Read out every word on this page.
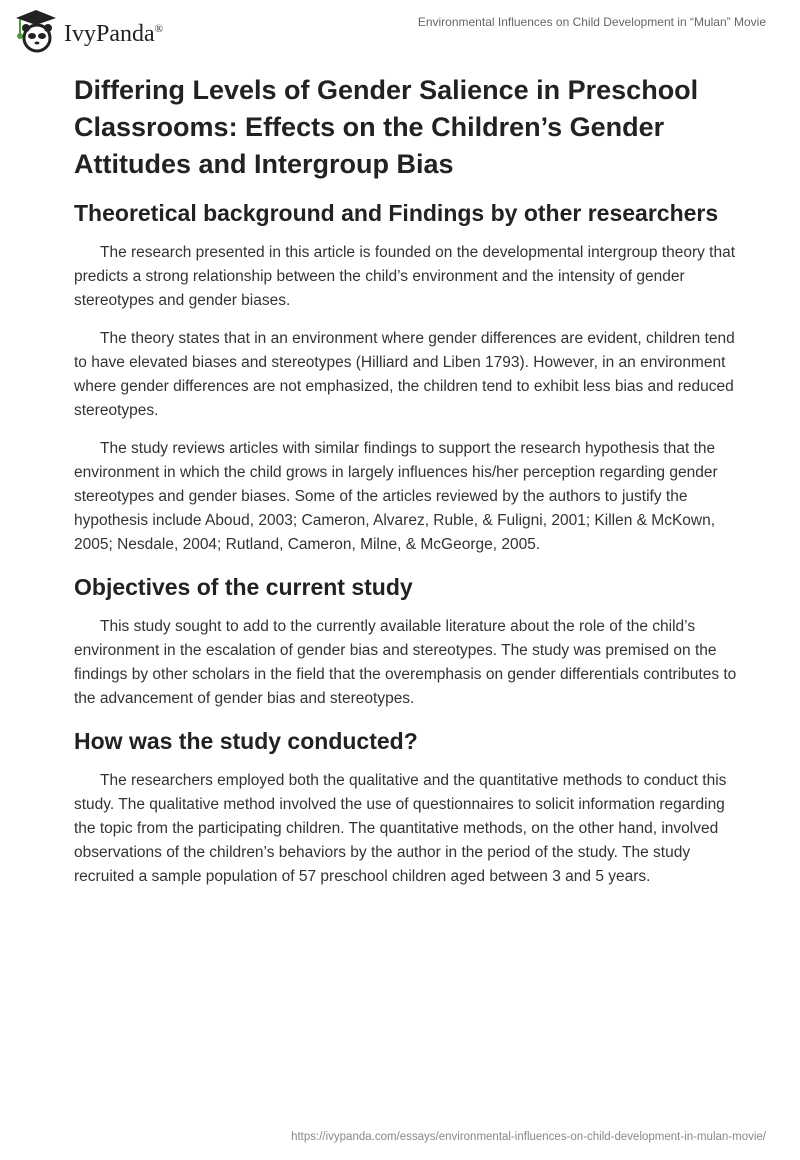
IvyPanda®	Environmental Influences on Child Development in “Mulan” Movie
Differing Levels of Gender Salience in Preschool Classrooms: Effects on the Children’s Gender Attitudes and Intergroup Bias
Theoretical background and Findings by other researchers

The research presented in this article is founded on the developmental intergroup theory that predicts a strong relationship between the child’s environment and the intensity of gender stereotypes and gender biases.

The theory states that in an environment where gender differences are evident, children tend to have elevated biases and stereotypes (Hilliard and Liben 1793). However, in an environment where gender differences are not emphasized, the children tend to exhibit less bias and reduced stereotypes.

The study reviews articles with similar findings to support the research hypothesis that the environment in which the child grows in largely influences his/her perception regarding gender stereotypes and gender biases. Some of the articles reviewed by the authors to justify the hypothesis include Aboud, 2003; Cameron, Alvarez, Ruble, & Fuligni, 2001; Killen & McKown, 2005; Nesdale, 2004; Rutland, Cameron, Milne, & McGeorge, 2005.

Objectives of the current study

This study sought to add to the currently available literature about the role of the child’s environment in the escalation of gender bias and stereotypes. The study was premised on the findings by other scholars in the field that the overemphasis on gender differentials contributes to the advancement of gender bias and stereotypes.

How was the study conducted?

The researchers employed both the qualitative and the quantitative methods to conduct this study. The qualitative method involved the use of questionnaires to solicit information regarding the topic from the participating children. The quantitative methods, on the other hand, involved observations of the children’s behaviors by the author in the period of the study. The study recruited a sample population of 57 preschool children aged between 3 and 5 years.

https://ivypanda.com/essays/environmental-influences-on-child-development-in-mulan-movie/
